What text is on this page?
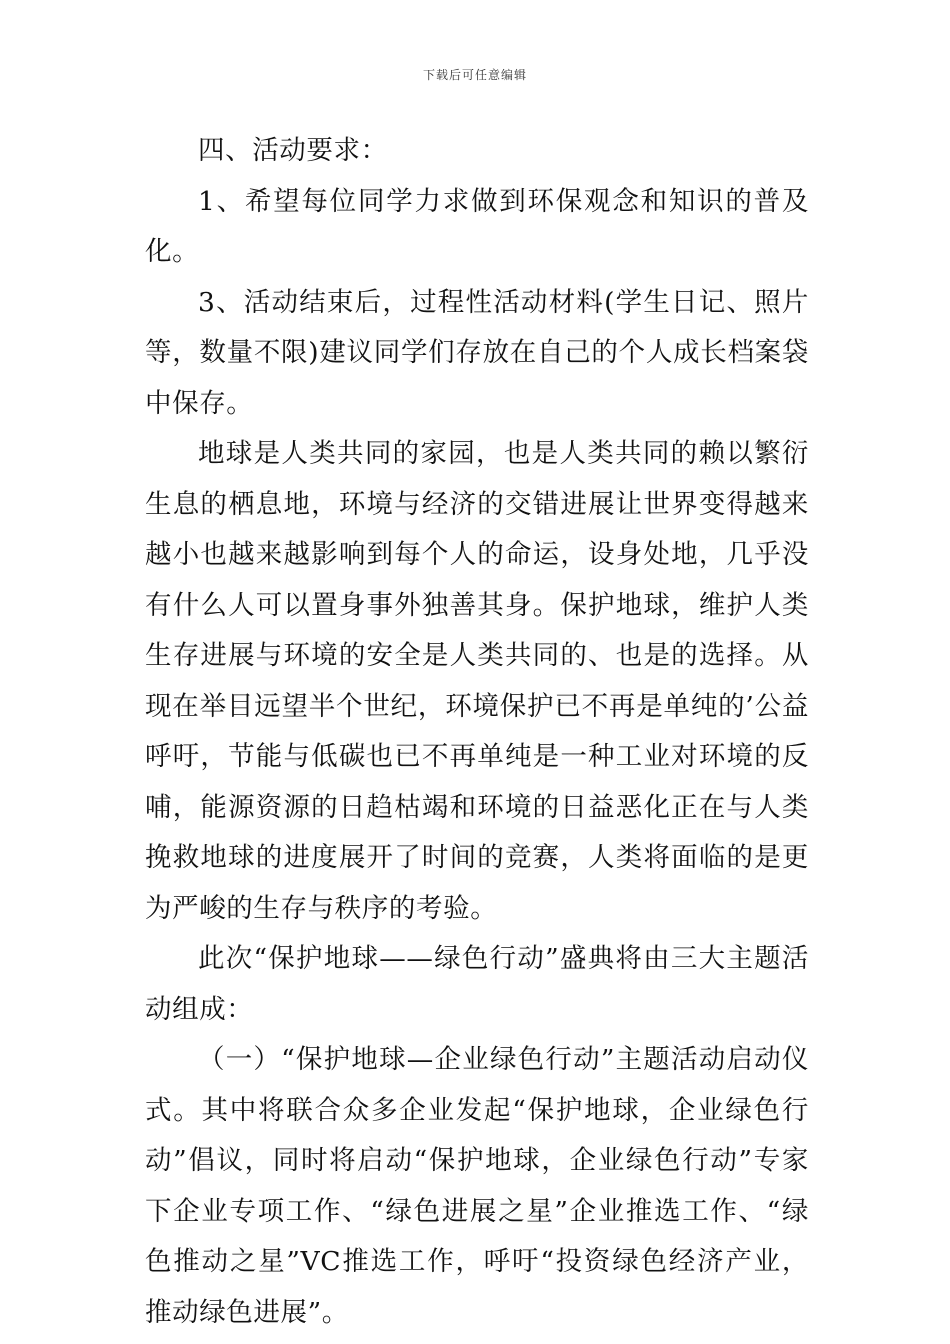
下载后可任意编辑

四、活动要求：

1、希望每位同学力求做到环保观念和知识的普及化。

3、活动结束后，过程性活动材料(学生日记、照片等，数量不限)建议同学们存放在自己的个人成长档案袋中保存。

地球是人类共同的家园，也是人类共同的赖以繁衍生息的栖息地，环境与经济的交错进展让世界变得越来越小也越来越影响到每个人的命运，设身处地，几乎没有什么人可以置身事外独善其身。保护地球，维护人类生存进展与环境的安全是人类共同的、也是的选择。从现在举目远望半个世纪，环境保护已不再是单纯的’公益呼吁，节能与低碳也已不再单纯是一种工业对环境的反哺，能源资源的日趋枯竭和环境的日益恶化正在与人类挽救地球的进度展开了时间的竞赛，人类将面临的是更为严峻的生存与秩序的考验。

此次“保护地球——绿色行动”盛典将由三大主题活动组成：

（一）“保护地球—企业绿色行动”主题活动启动仪式。其中将联合众多企业发起“保护地球，企业绿色行动”倡议，同时将启动“保护地球，企业绿色行动”专家下企业专项工作、“绿色进展之星”企业推选工作、“绿色推动之星”VC推选工作，呼吁“投资绿色经济产业，推动绿色进展”。
